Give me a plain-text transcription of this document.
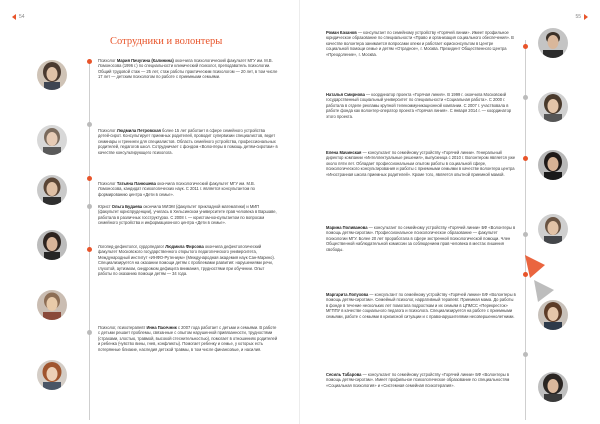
54
Сотрудники и волонтеры

Психолог Мария Пичугина (Калинина) окончила психологический факультет МГУ им. М.В. Ломоносова (1996 г.) по специальности клинический психолог, преподаватель психологии. Общий трудовой стаж — 25 лет, стаж работы практическим психологом — 20 лет, в том числе 17 лет — детским психологом по работе с приемными семьями.

Психолог Людмила Петровская более 15 лет работает в сфере семейного устройства детей-сирот. Консультирует приемных родителей, проводит супервизии специалистов, ведет семинары и тренинги для специалистов. Область семейного устройства, профессиональных родителей, педагогов школ. Сотрудничает с фондом «Волонтеры в помощь детям-сиротам» в качестве консультирующего психолога.

Психолог Татьяна Панюшева окончила психологический факультет МГУ им. М.В. Ломоносова, кандидат психологических наук. С 2011 г. является консультантом по формированию центра «Дети в семье».

Юрист Ольга Будаева окончила МИЭМ (факультет прикладной математики) и МИП (факультет юриспруденции), училась в Хельсинском университете прав человека в Варшаве, работала в различных госструктурах. С 2008 г. — юристом-консультантом по вопросам семейного устройства и информационного центра «Дети в семье».

Логопед-дефектолог, сурдопедагог Людмила Фирсова окончила дефектологический факультет Московского государственного открытого педагогического университета, Международный институт «ИНФО-Рутениум» (Международная академия наук Сан-Марино). Специализируется на оказании помощи детям с проблемами развития: нарушениями речи, глухотой, аутизмом, синдромом дефицита внимания, трудностями при обучении. Опыт работы по оказанию помощи детям — 34 года.

Психолог, психотерапевт Инна Пасечник с 2007 года работает с детьми и семьями. В работе с детьми решает проблемы, связанные с опытом нарушенной привязанности, трудностями (страхами, злостью, травмой, высокой стеснительностью), помогает в отношениях родителей и ребенка (чувство вины, гнев, конфликты). Помогает ребенку и семье, у которых есть потерянные близкие, наследия детской травмы, в том числе финансовые, и насилия.

55

Роман Качанов — консультант по семейному устройству «Горячей линии». Имеет профильное юридическое образование по специальности «Право и организация социального обеспечения». В качестве волонтера занимается вопросами опеки и работает юрисконсультом в Центре социальной помощи семье и детям «Отрадное», г. Москва. Президент Общественного Центра «Преодоление», г. Москва.

Наталья Смирнова — координатор проекта «Горячая линия». В 1999 г. окончила Московский государственный социальный университет по специальности «Социальная работа». С 2000 г. работала в отделе рекламы крупной телекоммуникационной компании. С 2007 г. участвовала в работе фонда как волонтер-оператор проекта «Горячая линия». С января 2014 г. — координатор этого проекта.

Елена Мачинская — консультант по семейному устройству «Горячей линии». Генеральный директор компании «Интеллектуальные решения», выпускница с 2010 г. Волонтером является уже около пяти лет. Обладает профессиональным опытом работы в социальной сфере, психологического консультирования и работы с приемными семьями в качестве волонтера центра «Иностранная школа приемных родителей». Кроме того, является опытной приемной мамой.

Марина Поливанова — консультант по семейному устройству «Горячей линии» БФ «Волонтеры в помощь детям-сиротам». Профессиональное психологическое образование — факультет психологии МГУ. Более 20 лет проработала в сфере экстренной психологической помощи. Член Общественной наблюдательной комиссии за соблюдением прав человека в местах лишения свободы.

Маргарита Лопухова — консультант по семейному устройству «Горячей линии» БФ «Волонтеры в помощь детям-сиротам». Семейный психолог, нарративный терапевт. Приемная мама. До работы в фонде в течение нескольких лет помогала подросткам и их семьям в ЦПМСС «Перекресток» МГППУ в качестве социального педагога и психолога. Специализируется на работе с приемными семьями, работе с семьями в кризисной ситуации и с правонарушителями несовершеннолетними.

Сесиль Табарова — консультант по семейному устройству «Горячей линии» БФ «Волонтеры в помощь детям-сиротам». Имеет профильное психологическое образование по специальностям «Социальная психология» и «Системная семейная психотерапия».
